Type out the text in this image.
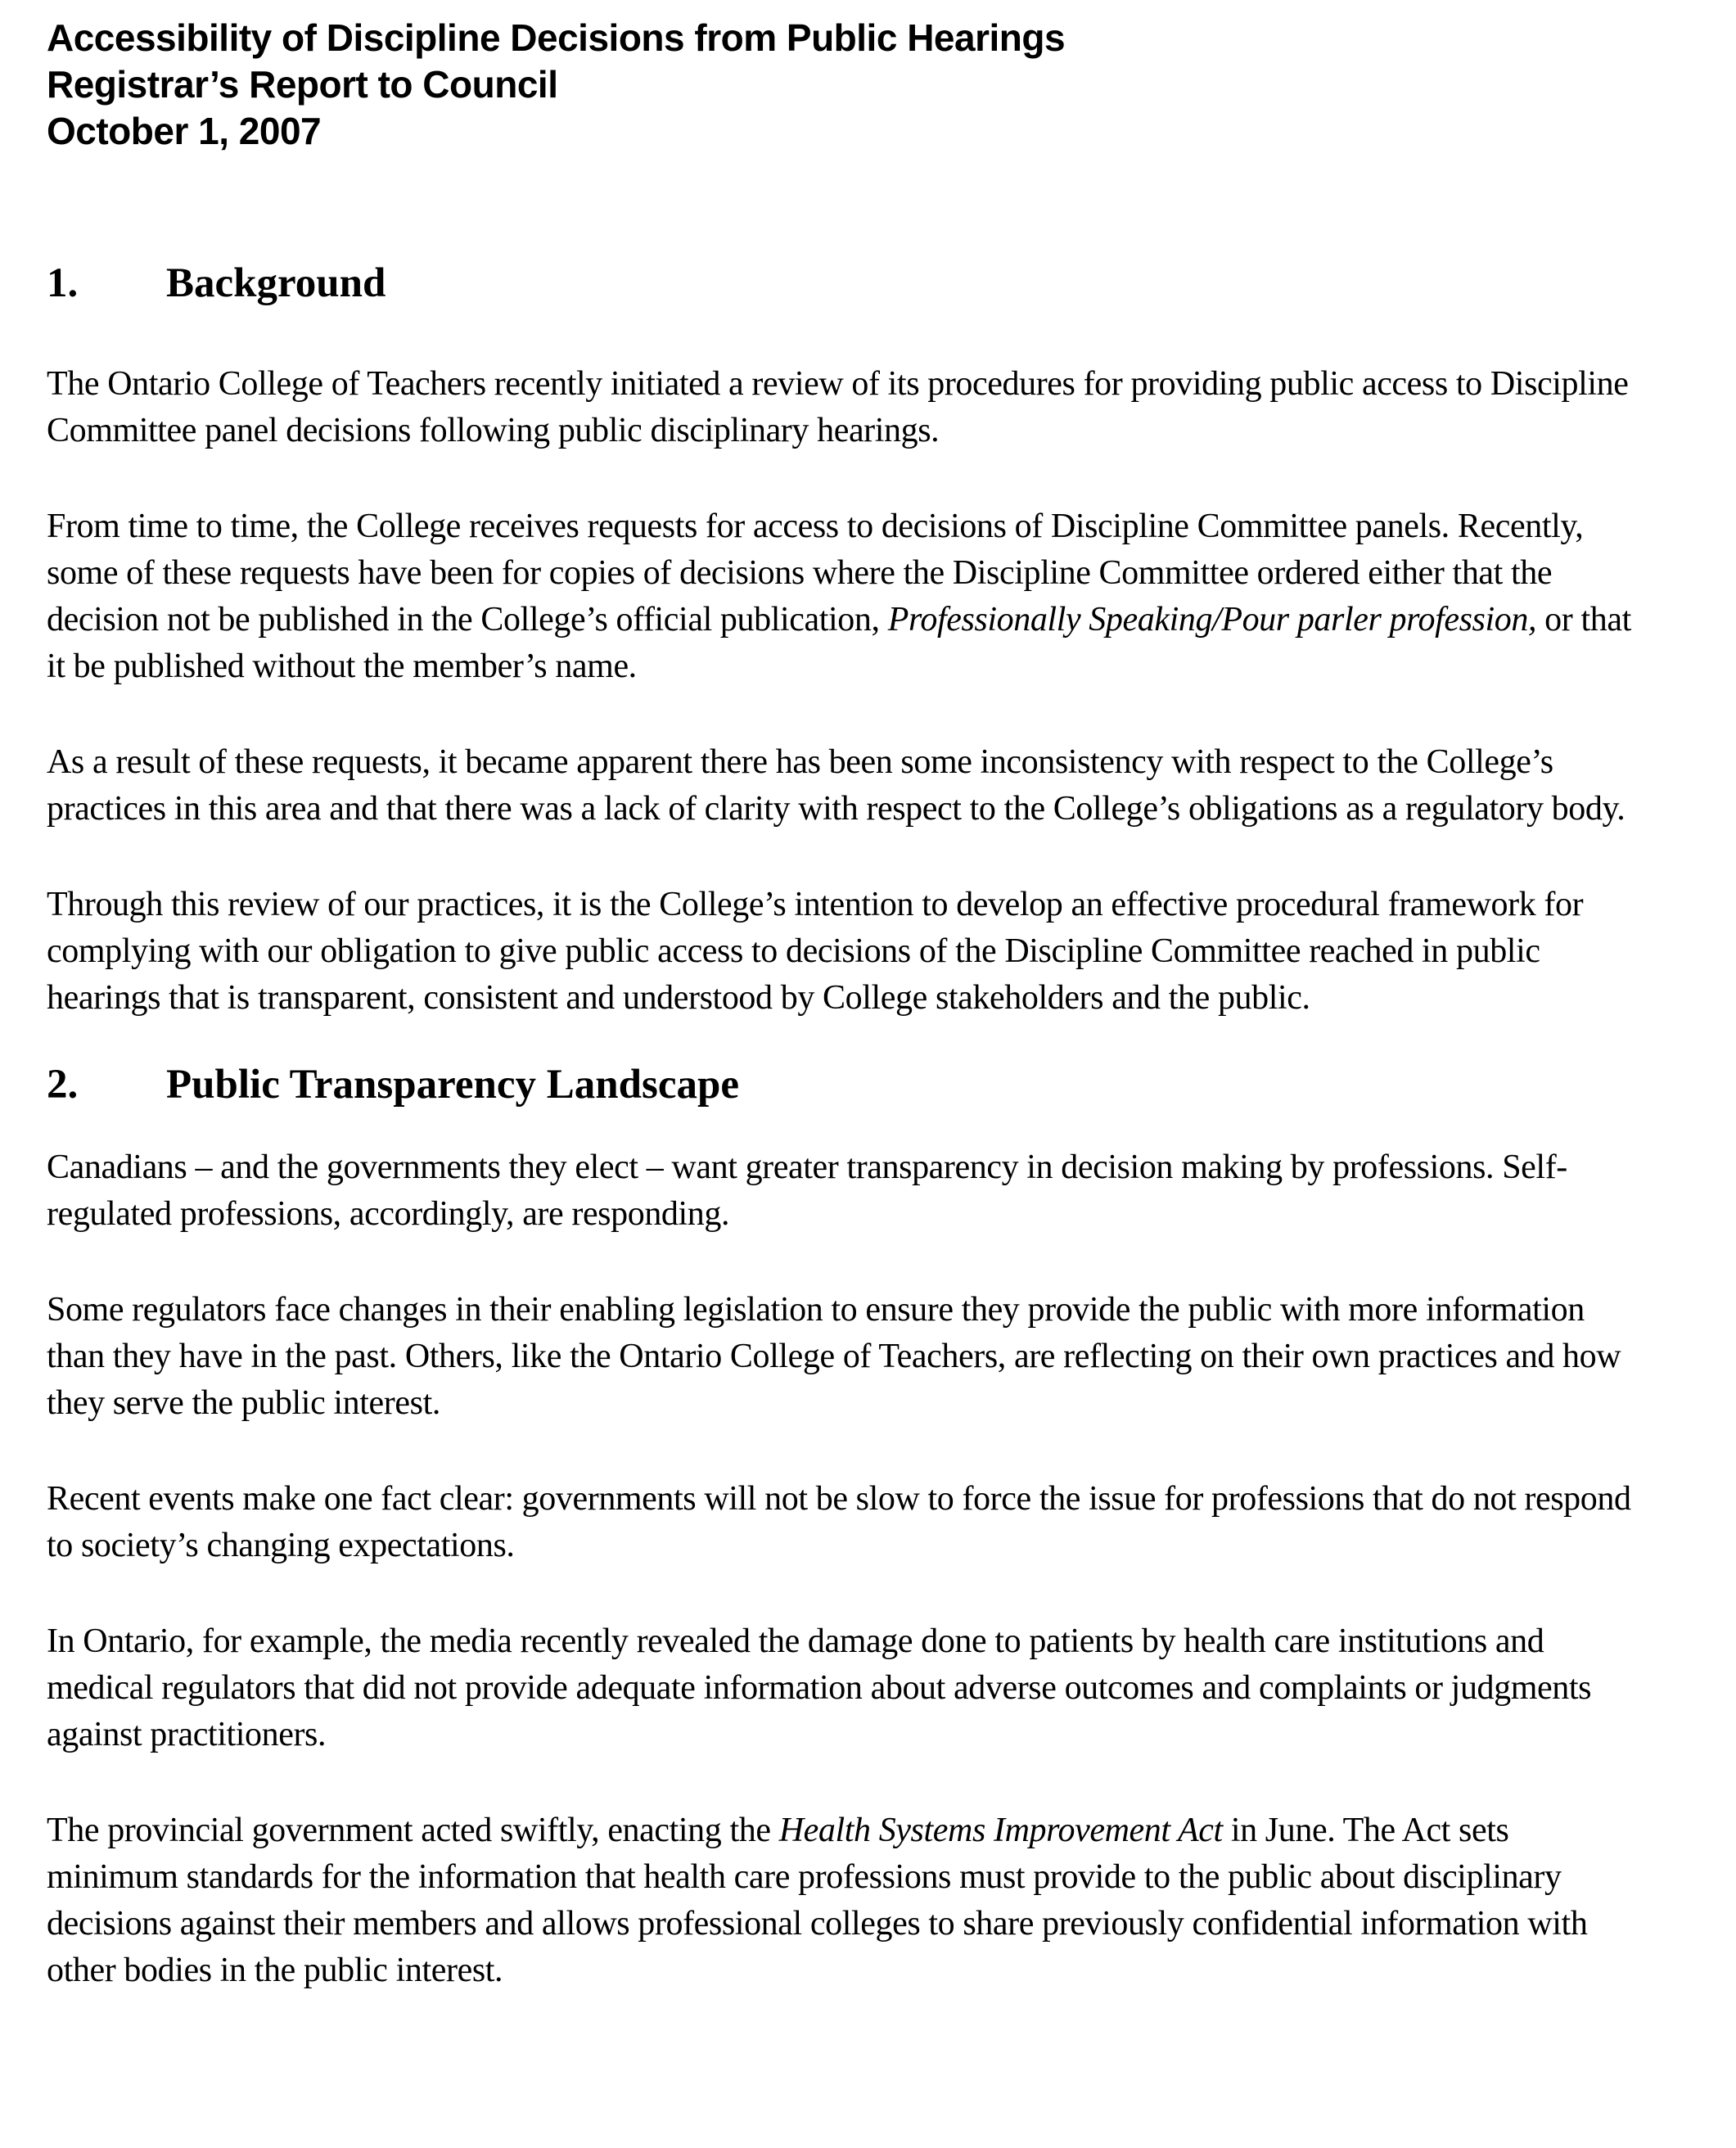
Accessibility of Discipline Decisions from Public Hearings
Registrar’s Report to Council
October 1, 2007
1.	Background

The Ontario College of Teachers recently initiated a review of its procedures for providing public access to Discipline Committee panel decisions following public disciplinary hearings.

From time to time, the College receives requests for access to decisions of Discipline Committee panels. Recently, some of these requests have been for copies of decisions where the Discipline Committee ordered either that the decision not be published in the College’s official publication, Professionally Speaking/Pour parler profession, or that it be published without the member’s name.

As a result of these requests, it became apparent there has been some inconsistency with respect to the College’s practices in this area and that there was a lack of clarity with respect to the College’s obligations as a regulatory body.

Through this review of our practices, it is the College’s intention to develop an effective procedural framework for complying with our obligation to give public access to decisions of the Discipline Committee reached in public hearings that is transparent, consistent and understood by College stakeholders and the public.

2.	Public Transparency Landscape

Canadians – and the governments they elect – want greater transparency in decision making by professions. Self-regulated professions, accordingly, are responding.

Some regulators face changes in their enabling legislation to ensure they provide the public with more information than they have in the past. Others, like the Ontario College of Teachers, are reflecting on their own practices and how they serve the public interest.

Recent events make one fact clear: governments will not be slow to force the issue for professions that do not respond to society’s changing expectations.

In Ontario, for example, the media recently revealed the damage done to patients by health care institutions and medical regulators that did not provide adequate information about adverse outcomes and complaints or judgments against practitioners.

The provincial government acted swiftly, enacting the Health Systems Improvement Act in June. The Act sets minimum standards for the information that health care professions must provide to the public about disciplinary decisions against their members and allows professional colleges to share previously confidential information with other bodies in the public interest.
